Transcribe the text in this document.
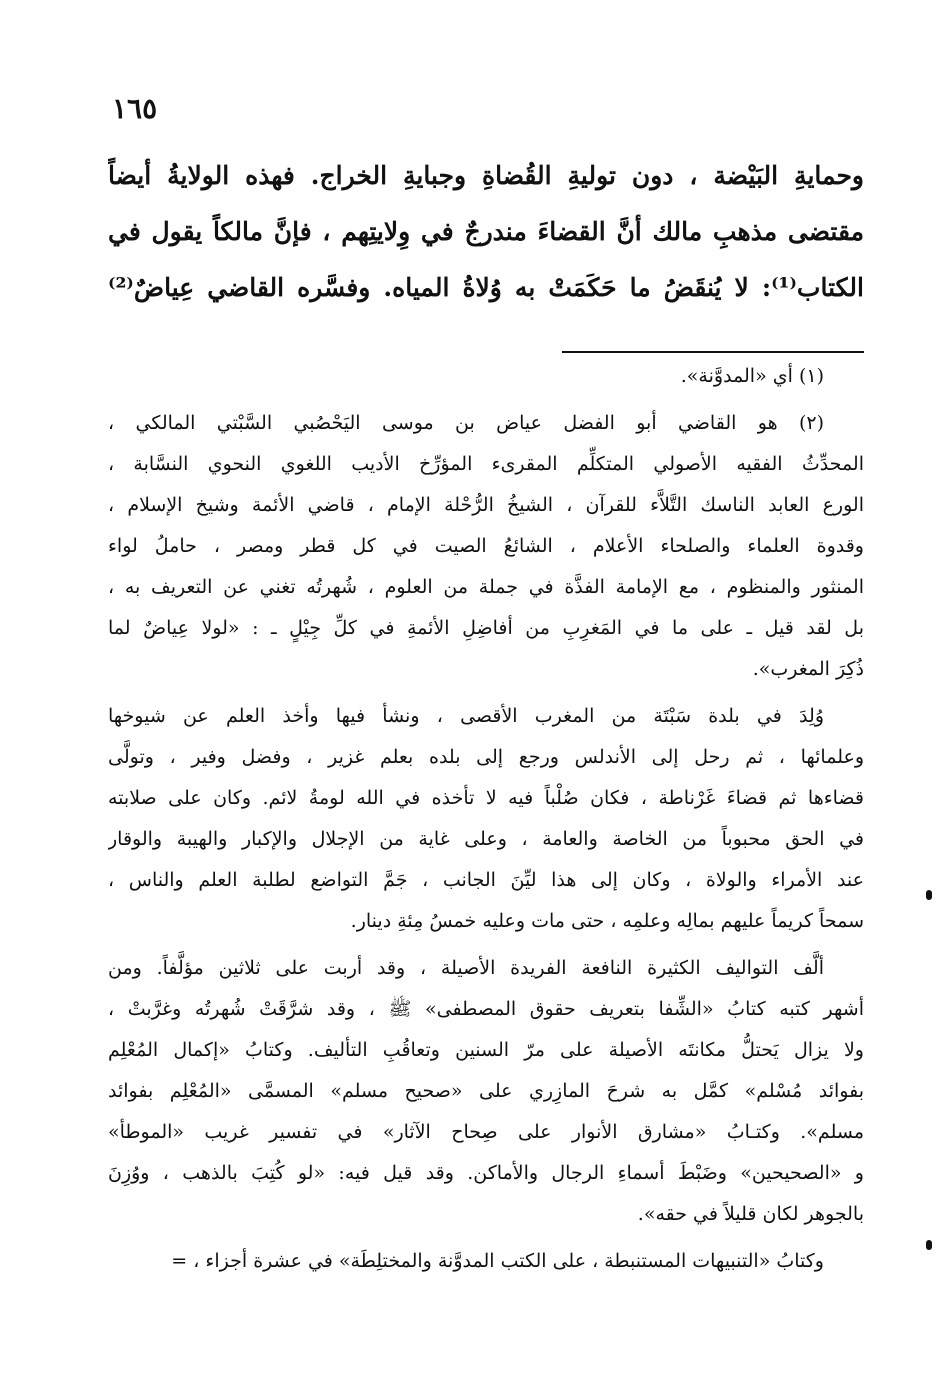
١٦٥
وحمايةِ البَيْضة ، دون توليةِ القُضاةِ وجبايةِ الخراج. فهذه الولايةُ أيضاً
مقتضى مذهبِ مالك أنَّ القضاءَ مندرجٌ في وِلايتِهم ، فإنَّ مالكاً يقول في
الكتاب⁽¹⁾: لا يُنقَضُ ما حَكَمَتْ به وُلاةُ المياه. وفسَّره القاضي عِياضٌ⁽²⁾
(١) أي «المدوَّنة».
(٢) هو القاضي أبو الفضل عياض بن موسى اليَحْصُبي السَّبْتي المالكي ،
المحدِّثُ الفقيه الأصولي المتكلِّم المقرىء المؤرِّخ الأديب اللغوي النحوي النسَّابة ،
الورع العابد الناسك التَّلاَّء للقرآن ، الشيخُ الرُّحْلة الإمام ، قاضي الأئمة وشيخ الإسلام ،
وقدوة العلماء والصلحاء الأعلام ، الشائعُ الصيت في كل قطر ومصر ، حاملُ لواء
المنثور والمنظوم ، مع الإمامة الفذَّة في جملة من العلوم ، شُهرتُه تغني عن التعريف به ،
بل لقد قيل ـ على ما في المَغرِبِ من أفاضِلِ الأئمةِ في كلِّ جِيْلٍ ـ : «لولا عِياضٌ لما
ذُكِرَ المغرب».
وُلِدَ في بلدة سَبْتَة من المغرب الأقصى ، ونشأ فيها وأخذ العلم عن شيوخها
وعلمائها ، ثم رحل إلى الأندلس ورجع إلى بلده بعلم غزير ، وفضل وفير ، وتولَّى
قضاءها ثم قضاءَ غَرْناطة ، فكان صُلْباً فيه لا تأخذه في الله لومةُ لائم. وكان على صلابته
في الحق محبوباً من الخاصة والعامة ، وعلى غاية من الإجلال والإكبار والهيبة والوقار
عند الأمراء والولاة ، وكان إلى هذا ليِّنَ الجانب ، جَمَّ التواضع لطلبة العلم والناس ،
سمحاً كريماً عليهم بمالِه وعلمِه ، حتى مات وعليه خمسُ مِئةِ دينار.
ألَّف التواليف الكثيرة النافعة الفريدة الأصيلة ، وقد أربت على ثلاثين مؤلَّفاً. ومن
أشهر كتبه كتابُ «الشِّفا بتعريف حقوق المصطفى» ﷺ ، وقد شرَّقَتْ شُهرتُه وغرَّبتْ ،
ولا يزال يَحتلُّ مكانتَه الأصيلة على مرّ السنين وتعاقُبِ التأليف. وكتابُ «إكمال المُعْلِم
بفوائد مُسْلم» كمَّل به شرحَ المازِري على «صحيح مسلم» المسمَّى «المُعْلِم بفوائد
مسلم». وكتـابُ «مشارق الأنوار على صِحاح الآثار» في تفسير غريب «الموطأ»
و «الصحيحين» وضَبْطَ أسماءِ الرجال والأماكن. وقد قيل فيه: «لو كُتِبَ بالذهب ، ووُزِنَ
بالجوهر لكان قليلاً في حقه».
وكتابُ «التنبيهات المستنبطة ، على الكتب المدوَّنة والمختلِطَة» في عشرة أجزاء ، =
